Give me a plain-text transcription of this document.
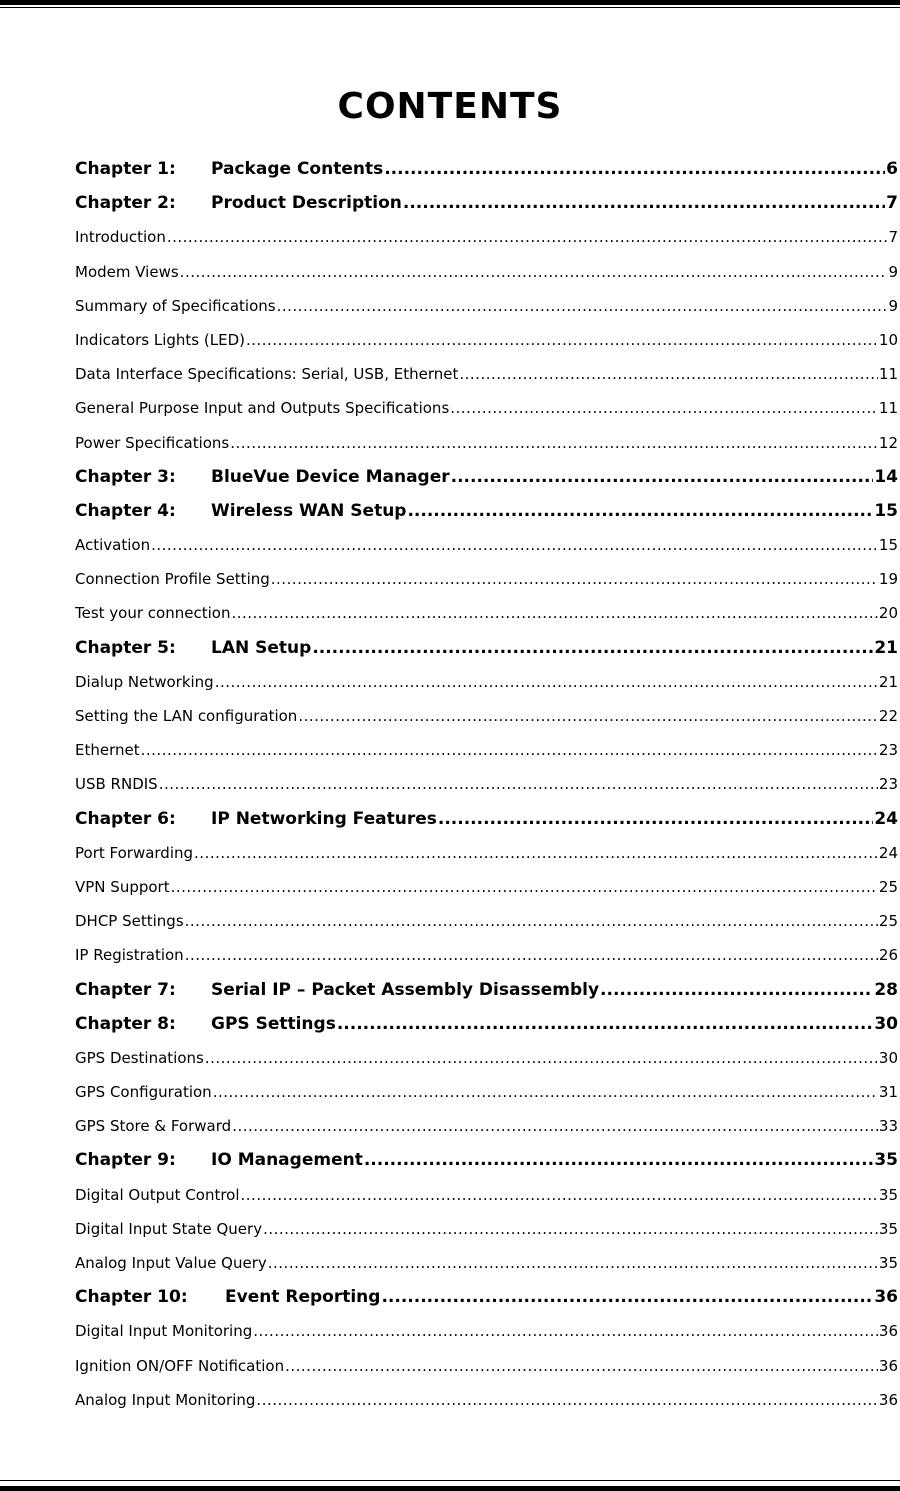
CONTENTS
Chapter 1: Package Contents .....	6
Chapter 2: Product Description .....	7
Introduction .....	7
Modem Views .....	9
Summary of Specifications .....	9
Indicators Lights (LED) .....	10
Data Interface Specifications: Serial, USB, Ethernet .....	11
General Purpose Input and Outputs Specifications .....	11
Power Specifications .....	12
Chapter 3: BlueVue Device Manager .....	14
Chapter 4: Wireless WAN Setup .....	15
Activation .....	15
Connection Profile Setting .....	19
Test your connection .....	20
Chapter 5: LAN Setup .....	21
Dialup Networking .....	21
Setting the LAN configuration .....	22
Ethernet .....	23
USB RNDIS .....	23
Chapter 6: IP Networking Features .....	24
Port Forwarding .....	24
VPN Support .....	25
DHCP Settings .....	25
IP Registration .....	26
Chapter 7: Serial IP – Packet Assembly Disassembly .....	28
Chapter 8: GPS Settings .....	30
GPS Destinations .....	30
GPS Configuration .....	31
GPS Store & Forward .....	33
Chapter 9: IO Management .....	35
Digital Output Control .....	35
Digital Input State Query .....	35
Analog Input Value Query .....	35
Chapter 10: Event Reporting .....	36
Digital Input Monitoring .....	36
Ignition ON/OFF Notification .....	36
Analog Input Monitoring .....	36
